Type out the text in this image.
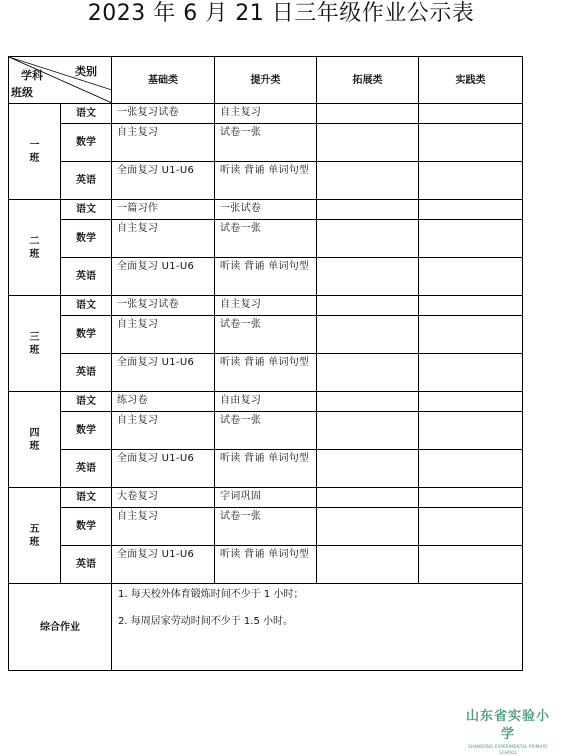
2023 年 6 月 21 日三年级作业公示表
类别
学科
班级		基础类	提升类	拓展类	实践类
一
班	语文	一张复习试卷	自主复习		
	数学	自主复习	试卷一张		
	英语	全面复习 U1-U6	听读 背诵 单词句型		
二
班	语文	一篇习作	一张试卷		
	数学	自主复习	试卷一张		
	英语	全面复习 U1-U6	听读 背诵 单词句型		
三
班	语文	一张复习试卷	自主复习		
	数学	自主复习	试卷一张		
	英语	全面复习 U1-U6	听读 背诵 单词句型		
四
班	语文	练习卷	自由复习		
	数学	自主复习	试卷一张		
	英语	全面复习 U1-U6	听读 背诵 单词句型		
五
班	语文	大卷复习	字词巩固		
	数学	自主复习	试卷一张		
	英语	全面复习 U1-U6	听读 背诵 单词句型		
综合作业		1. 每天校外体育锻炼时间不少于 1 小时；

2. 每周居家劳动时间不少于 1.5 小时。			

山东省实验小学
SHANDONG EXPERIMENTAL PRIMARY SCHOOL
